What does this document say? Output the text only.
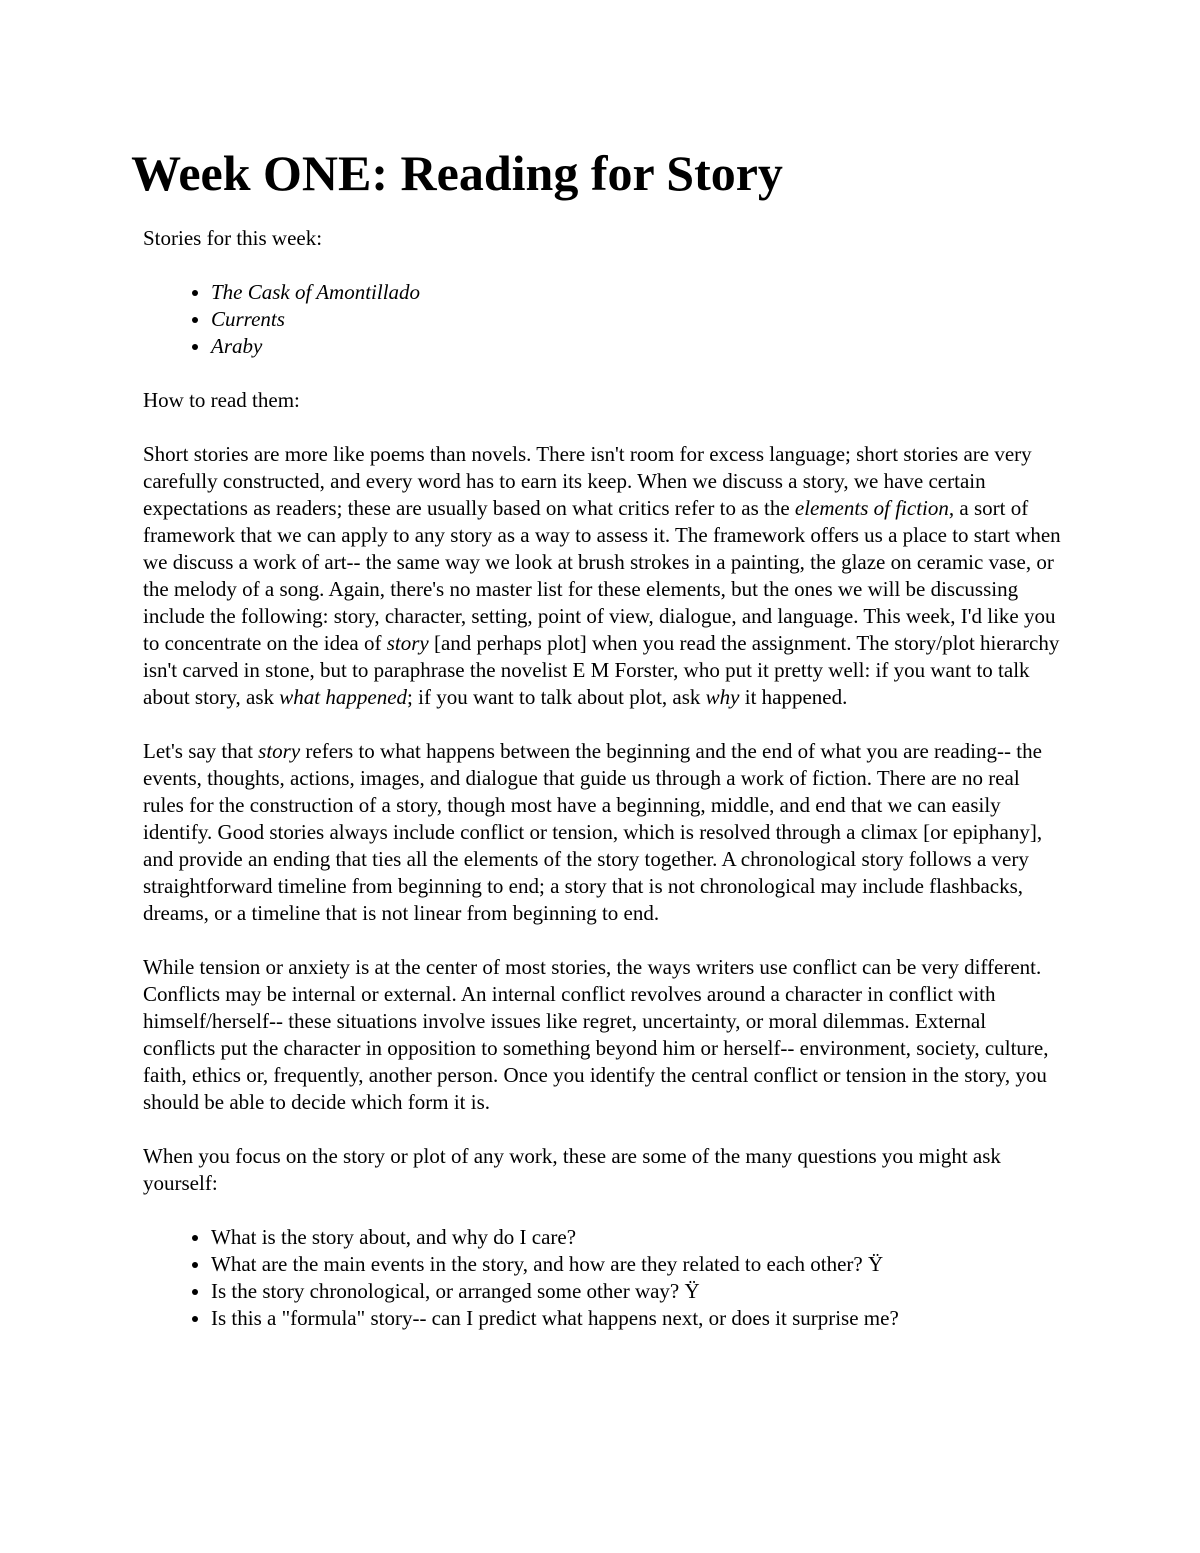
Week ONE: Reading for Story

Stories for this week:

• The Cask of Amontillado
• Currents
• Araby

How to read them:

Short stories are more like poems than novels. There isn't room for excess language; short stories are very carefully constructed, and every word has to earn its keep. When we discuss a story, we have certain expectations as readers; these are usually based on what critics refer to as the elements of fiction, a sort of framework that we can apply to any story as a way to assess it. The framework offers us a place to start when we discuss a work of art-- the same way we look at brush strokes in a painting, the glaze on ceramic vase, or the melody of a song. Again, there's no master list for these elements, but the ones we will be discussing include the following: story, character, setting, point of view, dialogue, and language. This week, I'd like you to concentrate on the idea of story [and perhaps plot] when you read the assignment. The story/plot hierarchy isn't carved in stone, but to paraphrase the novelist E M Forster, who put it pretty well: if you want to talk about story, ask what happened; if you want to talk about plot, ask why it happened.

Let's say that story refers to what happens between the beginning and the end of what you are reading-- the events, thoughts, actions, images, and dialogue that guide us through a work of fiction. There are no real rules for the construction of a story, though most have a beginning, middle, and end that we can easily identify. Good stories always include conflict or tension, which is resolved through a climax [or epiphany], and provide an ending that ties all the elements of the story together. A chronological story follows a very straightforward timeline from beginning to end; a story that is not chronological may include flashbacks, dreams, or a timeline that is not linear from beginning to end.

While tension or anxiety is at the center of most stories, the ways writers use conflict can be very different. Conflicts may be internal or external. An internal conflict revolves around a character in conflict with himself/herself-- these situations involve issues like regret, uncertainty, or moral dilemmas. External conflicts put the character in opposition to something beyond him or herself-- environment, society, culture, faith, ethics or, frequently, another person. Once you identify the central conflict or tension in the story, you should be able to decide which form it is.

When you focus on the story or plot of any work, these are some of the many questions you might ask yourself:

• What is the story about, and why do I care?
• What are the main events in the story, and how are they related to each other? Ÿ
• Is the story chronological, or arranged some other way? Ÿ
• Is this a "formula" story-- can I predict what happens next, or does it surprise me?
